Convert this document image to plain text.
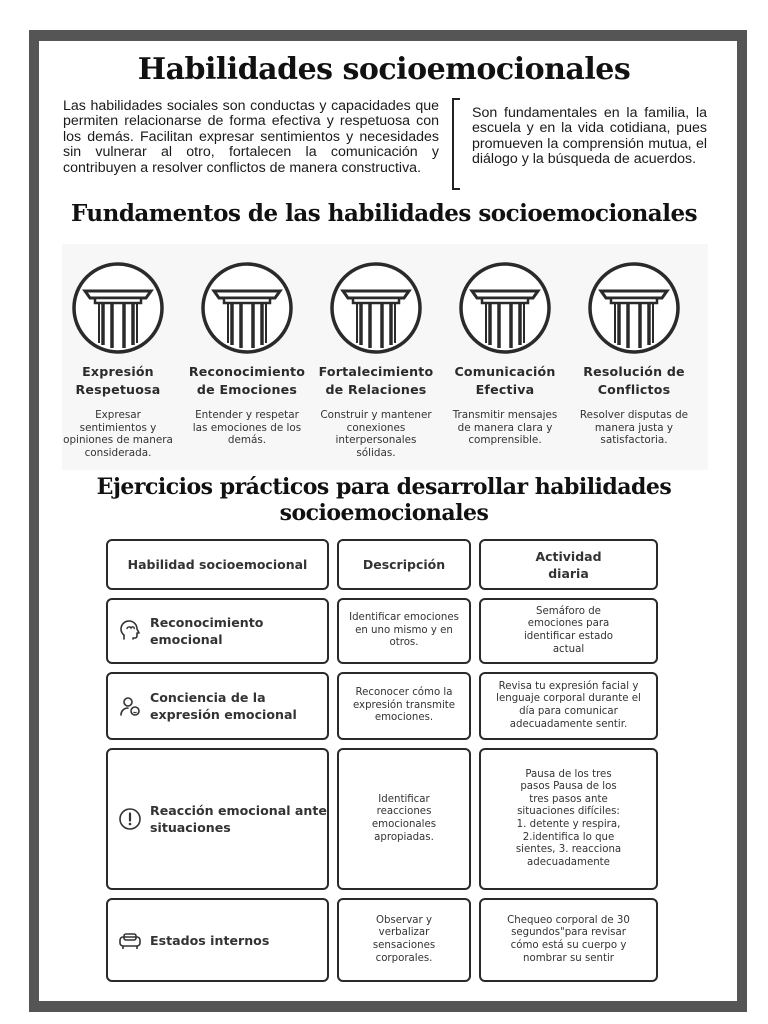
Habilidades socioemocionales
Las habilidades sociales son conductas y capacidades que permiten relacionarse de forma efectiva y respetuosa con los demás. Facilitan expresar sentimientos y necesidades sin vulnerar al otro, fortalecen la comunicación y contribuyen a resolver conflictos de manera constructiva.
Son fundamentales en la familia, la escuela y en la vida cotidiana, pues promueven la comprensión mutua, el diálogo y la búsqueda de acuerdos.
Fundamentos de las habilidades socioemocionales
Expresión Respetuosa
Expresar sentimientos y opiniones de manera considerada.
Reconocimiento de Emociones
Entender y respetar las emociones de los demás.
Fortalecimiento de Relaciones
Construir y mantener conexiones interpersonales sólidas.
Comunicación Efectiva
Transmitir mensajes de manera clara y comprensible.
Resolución de Conflictos
Resolver disputas de manera justa y satisfactoria.
Ejercicios prácticos para desarrollar habilidades socioemocionales
Habilidad socioemocional	Descripción
Actividad diaria
Reconocimiento emocional
Identificar emociones en uno mismo y en otros.
Semáforo de emociones para identificar estado actual
Conciencia de la expresión emocional
Reconocer cómo la expresión transmite emociones.
Revisa tu expresión facial y lenguaje corporal durante el día para comunicar adecuadamente sentir.
Reacción emocional ante situaciones
Identificar reacciones emocionales apropiadas.
Pausa de los tres pasos Pausa de los tres pasos ante situaciones difíciles: 1. detente y respira, 2.identifica lo que sientes, 3. reacciona adecuadamente
Estados internos
Observar y verbalizar sensaciones corporales.
Chequeo corporal de 30 segundos"para revisar cómo está su cuerpo y nombrar su sentir
